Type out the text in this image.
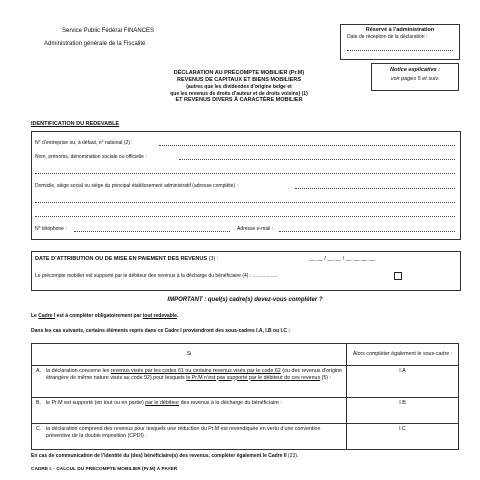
Service Public Fédéral FINANCES
Administration générale de la Fiscalité
Réservé à l’administration
Date de réception de la déclaration :
DÉCLARATION AU PRÉCOMPTE MOBILIER (Pr.M)
REVENUS DE CAPITAUX ET BIENS MOBILIERS
(autres que les dividendes d’origine belge et
que les revenus de droits d’auteur et de droits voisins) (1)
ET REVENUS DIVERS À CARACTÈRE MOBILIER
Notice explicative :
voir pages 5 et suiv.
IDENTIFICATION DU REDEVABLE
N° d’entreprise ou, à défaut, n° national (2) :
Nom, prénoms, dénomination sociale ou officielle :
Domicile, siège social ou siège du principal établissement administratif (adresse complète) :
N° téléphone :	Adresse e-mail :
DATE D’ATTRIBUTION OU DE MISE EN PAIEMENT DES REVENUS (3) :	__ __ / __ __ / __ __ __ __
Le précompte mobilier est supporté par le débiteur des revenus à la décharge du bénéficiaire (4) : ..................
IMPORTANT : quel(s) cadre(s) devez-vous compléter ?
Le Cadre I est à compléter obligatoirement par tout redevable.
Dans les cas suivants, certains éléments repris dans ce Cadre I proviendront des sous-cadres I.A, I.B ou I.C :
Si	Alors compléter également le sous-cadre :

A. la déclaration concerne les revenus visés par les codes 61 ou certains revenus visés par le code 62 (ou des revenus d’origine étrangère de même nature visés au code 92) pour lesquels le Pr.M n’est pas supporté par le débiteur de ces revenus (5) :	I.A

B. le Pr.M est supporté (en tout ou en partie) par le débiteur des revenus à la décharge du bénéficiaire :	I.B

C. la déclaration comprend des revenus pour lesquels une réduction du Pr.M est revendiquée en vertu d’une convention préventive de la double imposition (CPDI) :	I.C
En cas de communication de l’identité du (des) bénéficiaire(s) des revenus, compléter également le Cadre II (23).
CADRE I. - CALCUL DU PRÉCOMPTE MOBILIER (Pr.M) À PAYER
